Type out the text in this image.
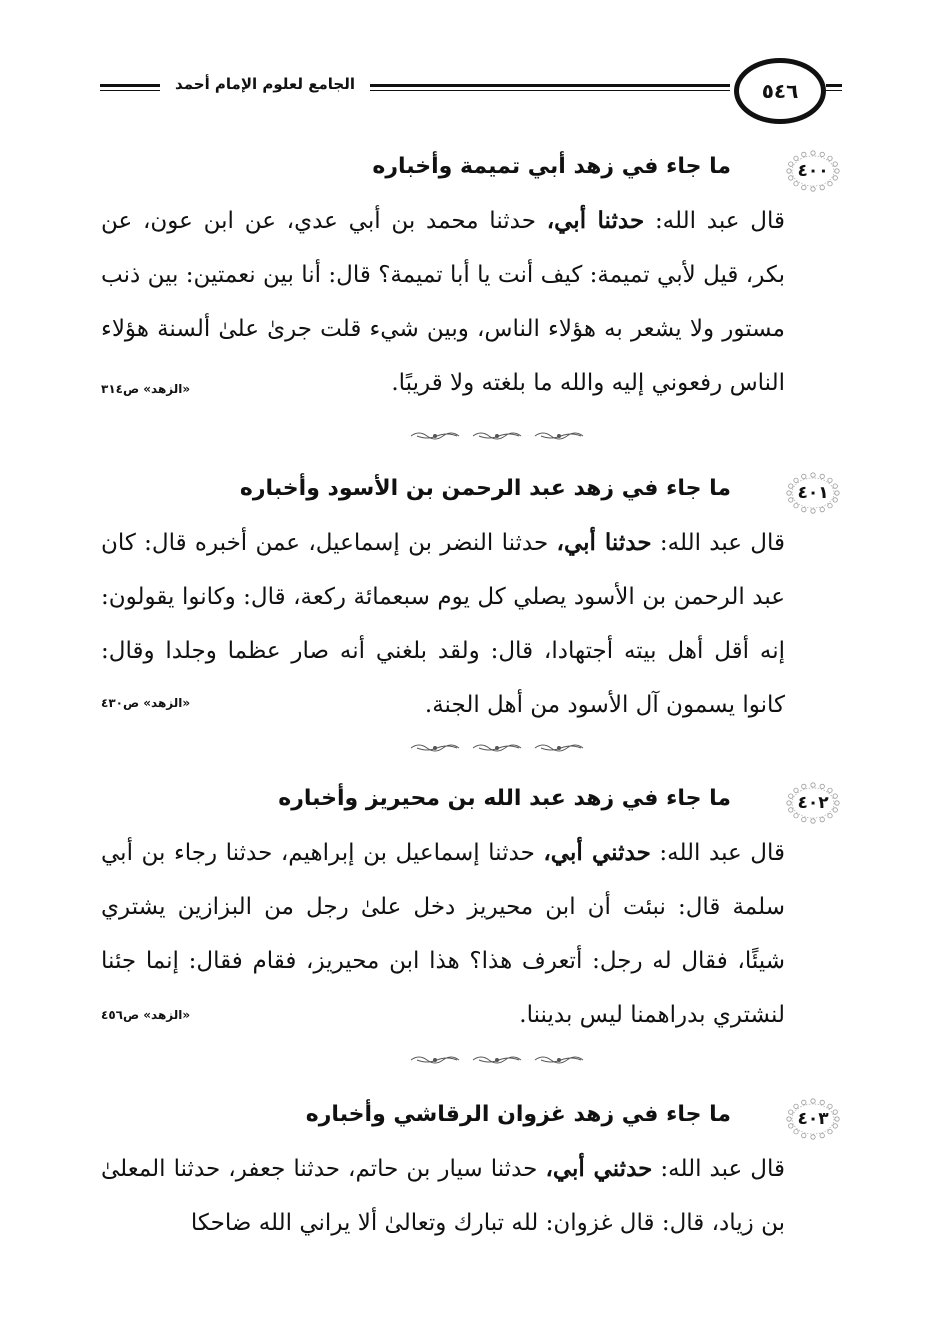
٥٤٦
الجامع لعلوم الإمام أحمد
٤٠٠
ما جاء في زهد أبي تميمة وأخباره

قال عبد الله: حدثنا أبي، حدثنا محمد بن أبي عدي، عن ابن عون، عن بكر، قيل لأبي تميمة: كيف أنت يا أبا تميمة؟ قال: أنا بين نعمتين: بين ذنب مستور ولا يشعر به هؤلاء الناس، وبين شيء قلت جرىٰ علىٰ ألسنة هؤلاء الناس رفعوني إليه والله ما بلغته ولا قريبًا.

«الزهد» ص٣١٤
٤٠١
ما جاء في زهد عبد الرحمن بن الأسود وأخباره

قال عبد الله: حدثنا أبي، حدثنا النضر بن إسماعيل، عمن أخبره قال: كان عبد الرحمن بن الأسود يصلي كل يوم سبعمائة ركعة، قال: وكانوا يقولون: إنه أقل أهل بيته أجتهادا، قال: ولقد بلغني أنه صار عظما وجلدا وقال: كانوا يسمون آل الأسود من أهل الجنة.

«الزهد» ص٤٣٠
٤٠٢
ما جاء في زهد عبد الله بن محيريز وأخباره

قال عبد الله: حدثني أبي، حدثنا إسماعيل بن إبراهيم، حدثنا رجاء بن أبي سلمة قال: نبئت أن ابن محيريز دخل علىٰ رجل من البزازين يشتري شيئًا، فقال له رجل: أتعرف هذا؟ هذا ابن محيريز، فقام فقال: إنما جئنا لنشتري بدراهمنا ليس بديننا.

«الزهد» ص٤٥٦
٤٠٣
ما جاء في زهد غزوان الرقاشي وأخباره

قال عبد الله: حدثني أبي، حدثنا سيار بن حاتم، حدثنا جعفر، حدثنا المعلىٰ بن زياد، قال: قال غزوان: لله تبارك وتعالىٰ ألا يراني الله ضاحكا
